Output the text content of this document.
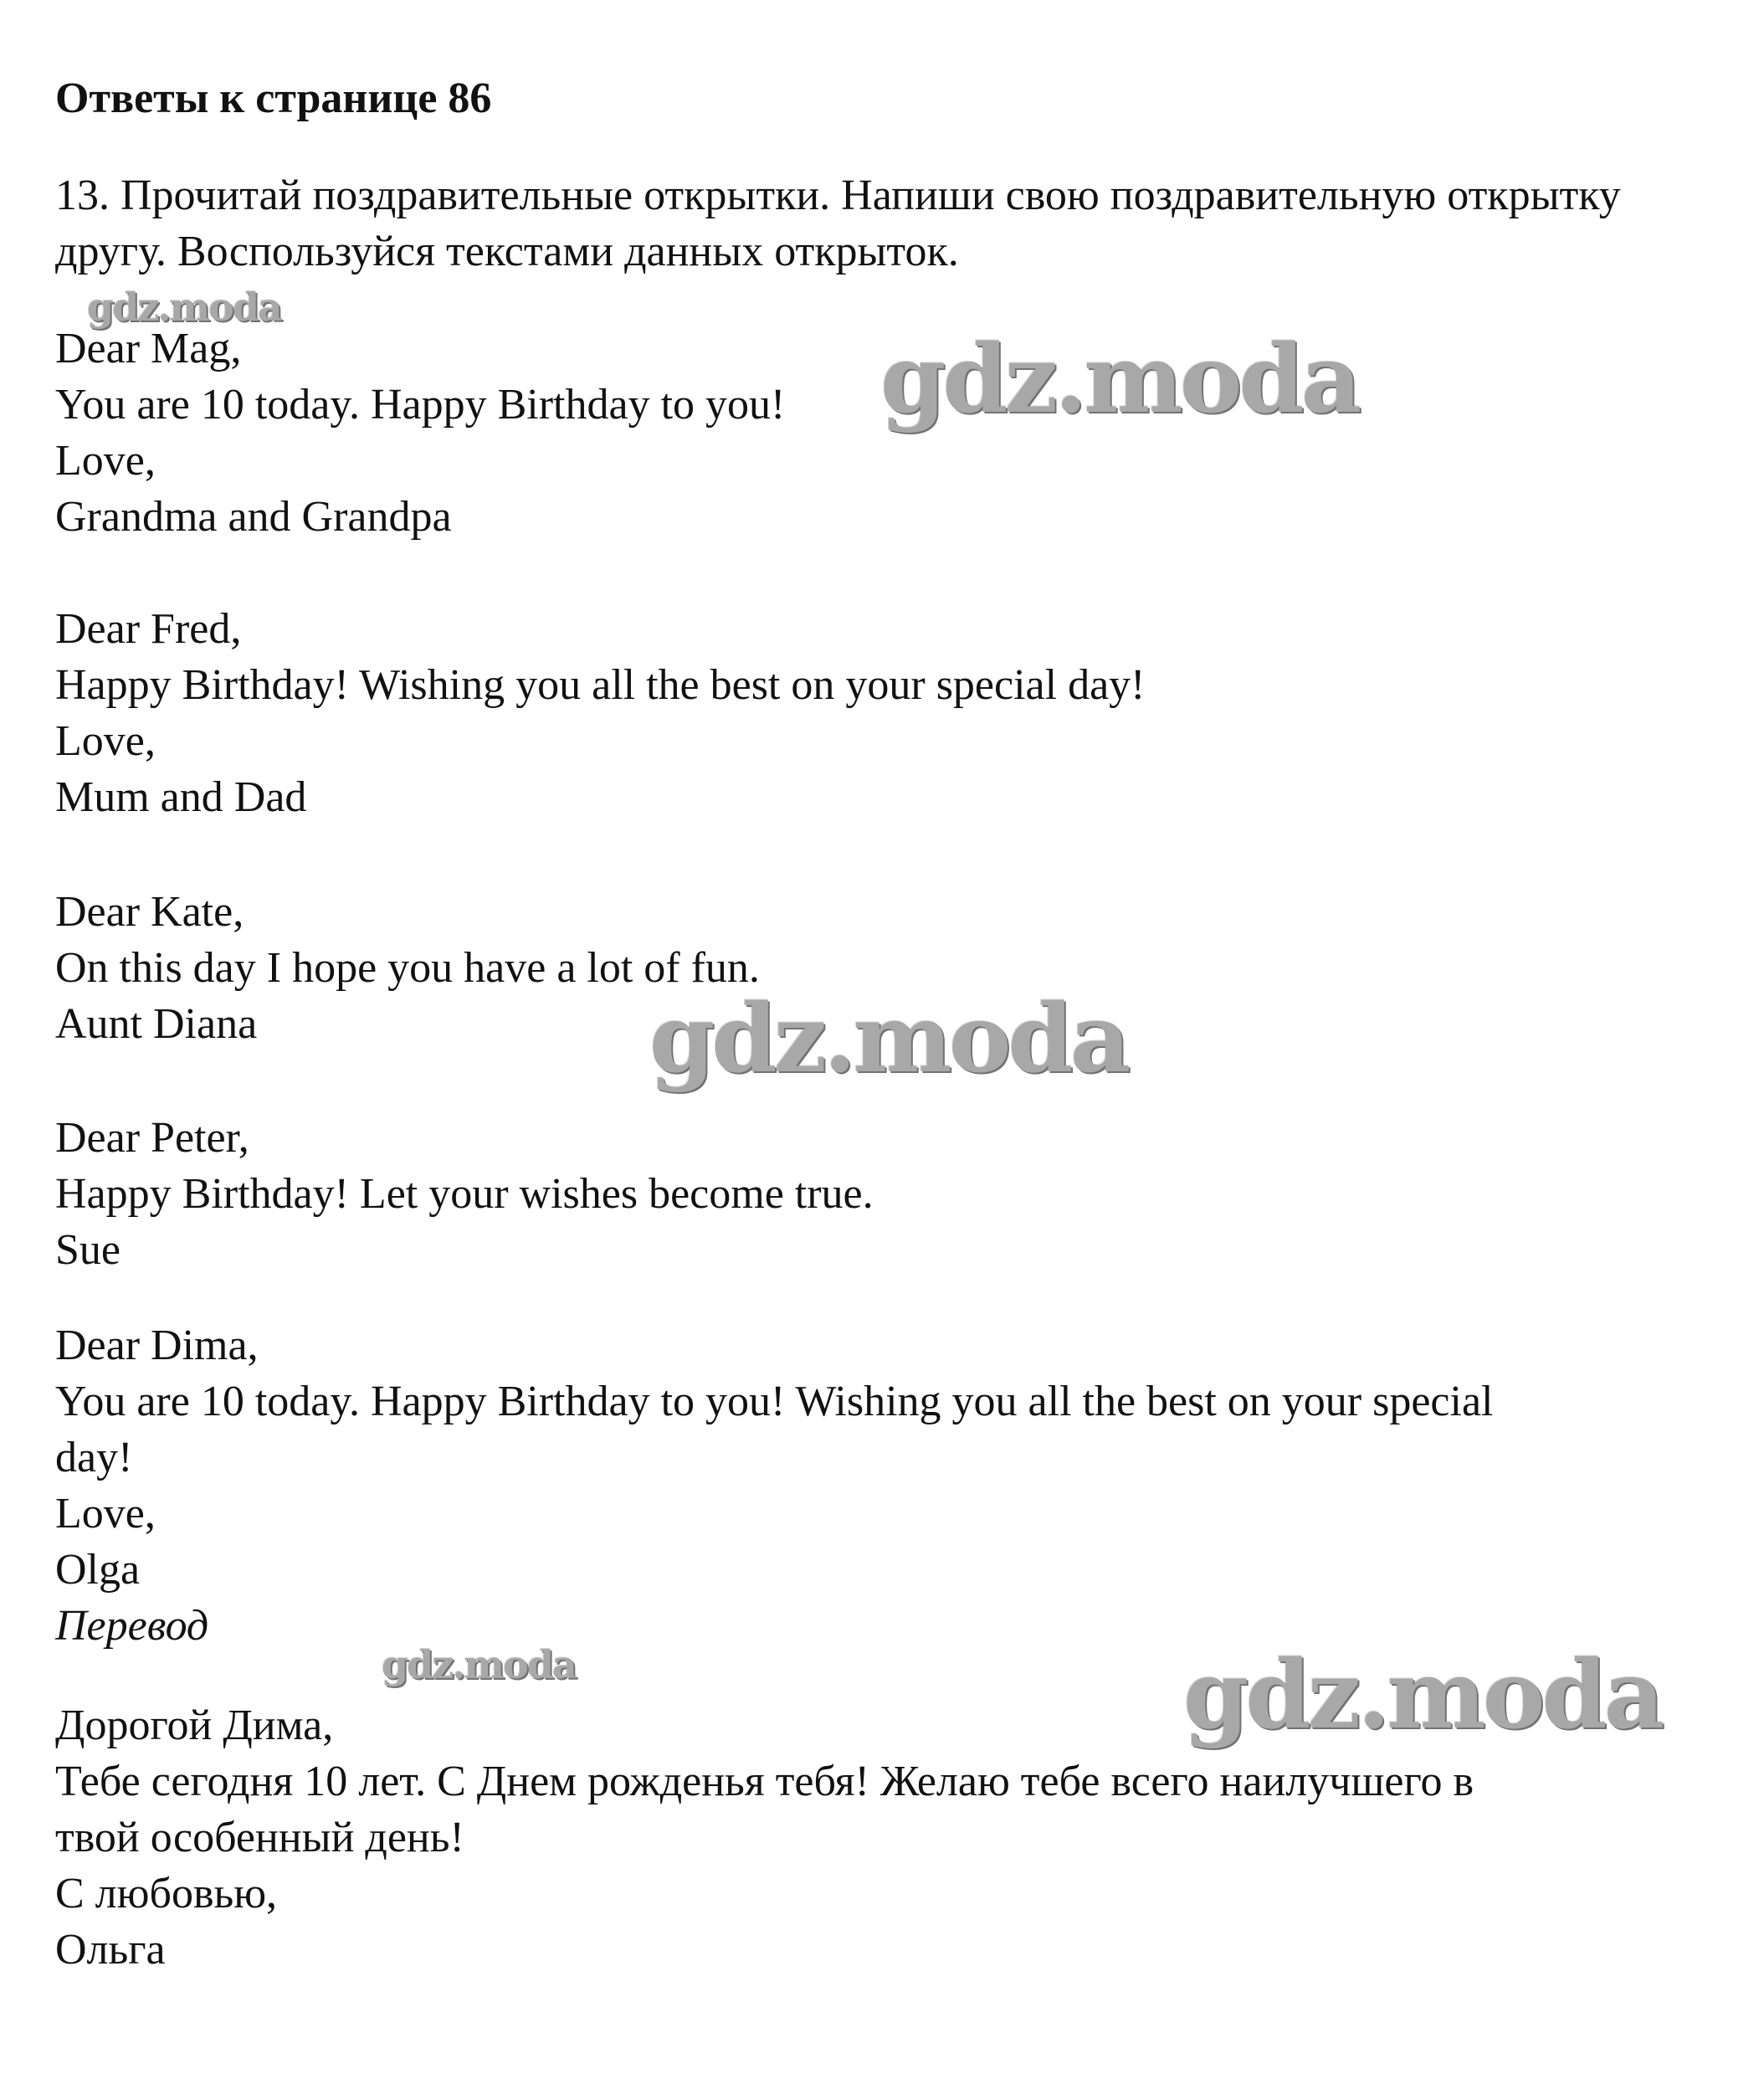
Ответы к странице 86
13. Прочитай поздравительные открытки. Напиши свою поздравительную открытку другу. Воспользуйся текстами данных открыток.
Dear Mag,
You are 10 today. Happy Birthday to you!
Love,
Grandma and Grandpa
Dear Fred,
Happy Birthday! Wishing you all the best on your special day!
Love,
Mum and Dad
Dear Kate,
On this day I hope you have a lot of fun.
Aunt Diana
Dear Peter,
Happy Birthday! Let your wishes become true.
Sue
Dear Dima,
You are 10 today. Happy Birthday to you! Wishing you all the best on your special
day!
Love,
Olga
Перевод
Дорогой Дима,
Тебе сегодня 10 лет. С Днем рожденья тебя! Желаю тебе всего наилучшего в
твой особенный день!
С любовью,
Ольга
gdz.moda
gdz.moda
gdz.moda
gdz.moda	gdz.moda
